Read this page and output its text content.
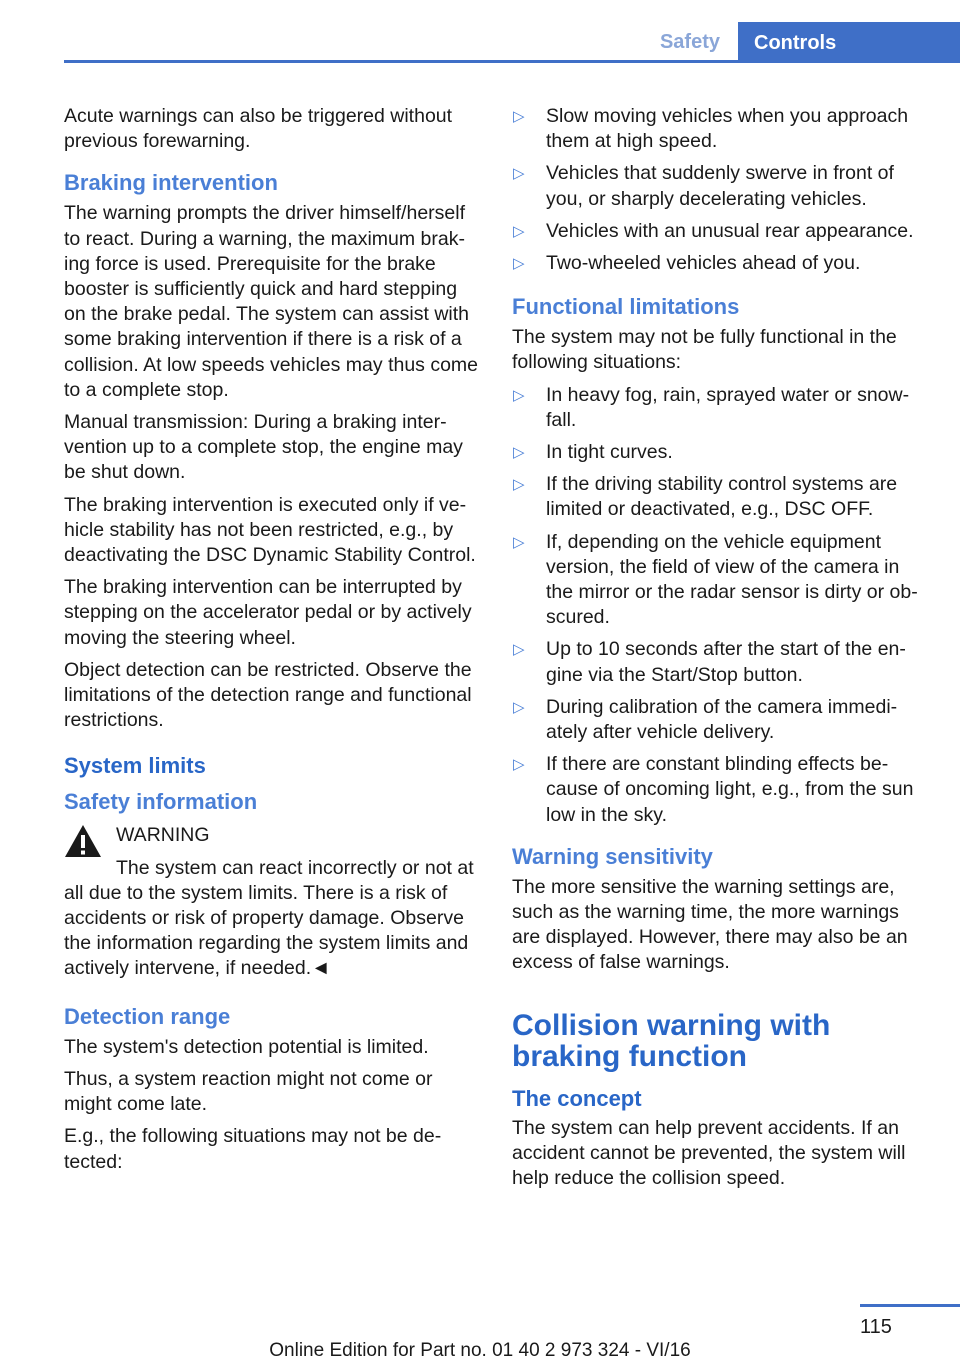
Safety	Controls

Acute warnings can also be triggered without previous forewarning.

Braking intervention

The warning prompts the driver himself/herself to react. During a warning, the maximum braking force is used. Prerequisite for the brake booster is sufficiently quick and hard stepping on the brake pedal. The system can assist with some braking intervention if there is a risk of a collision. At low speeds vehicles may thus come to a complete stop.

Manual transmission: During a braking intervention up to a complete stop, the engine may be shut down.

The braking intervention is executed only if vehicle stability has not been restricted, e.g., by deactivating the DSC Dynamic Stability Control.

The braking intervention can be interrupted by stepping on the accelerator pedal or by actively moving the steering wheel.

Object detection can be restricted. Observe the limitations of the detection range and functional restrictions.

System limits
Safety information
WARNING
The system can react incorrectly or not at all due to the system limits. There is a risk of accidents or risk of property damage. Observe the information regarding the system limits and actively intervene, if needed.◄
Detection range

The system's detection potential is limited.

Thus, a system reaction might not come or might come late.

E.g., the following situations may not be detected:

▷ Slow moving vehicles when you approach them at high speed.
▷ Vehicles that suddenly swerve in front of you, or sharply decelerating vehicles.
▷ Vehicles with an unusual rear appearance.
▷ Two-wheeled vehicles ahead of you.
Functional limitations

The system may not be fully functional in the following situations:

▷ In heavy fog, rain, sprayed water or snowfall.
▷ In tight curves.
▷ If the driving stability control systems are limited or deactivated, e.g., DSC OFF.
▷ If, depending on the vehicle equipment version, the field of view of the camera in the mirror or the radar sensor is dirty or obscured.
▷ Up to 10 seconds after the start of the engine via the Start/Stop button.
▷ During calibration of the camera immediately after vehicle delivery.
▷ If there are constant blinding effects because of oncoming light, e.g., from the sun low in the sky.
Warning sensitivity

The more sensitive the warning settings are, such as the warning time, the more warnings are displayed. However, there may also be an excess of false warnings.

Collision warning with braking function
The concept

The system can help prevent accidents. If an accident cannot be prevented, the system will help reduce the collision speed.

115
Online Edition for Part no. 01 40 2 973 324 - VI/16
